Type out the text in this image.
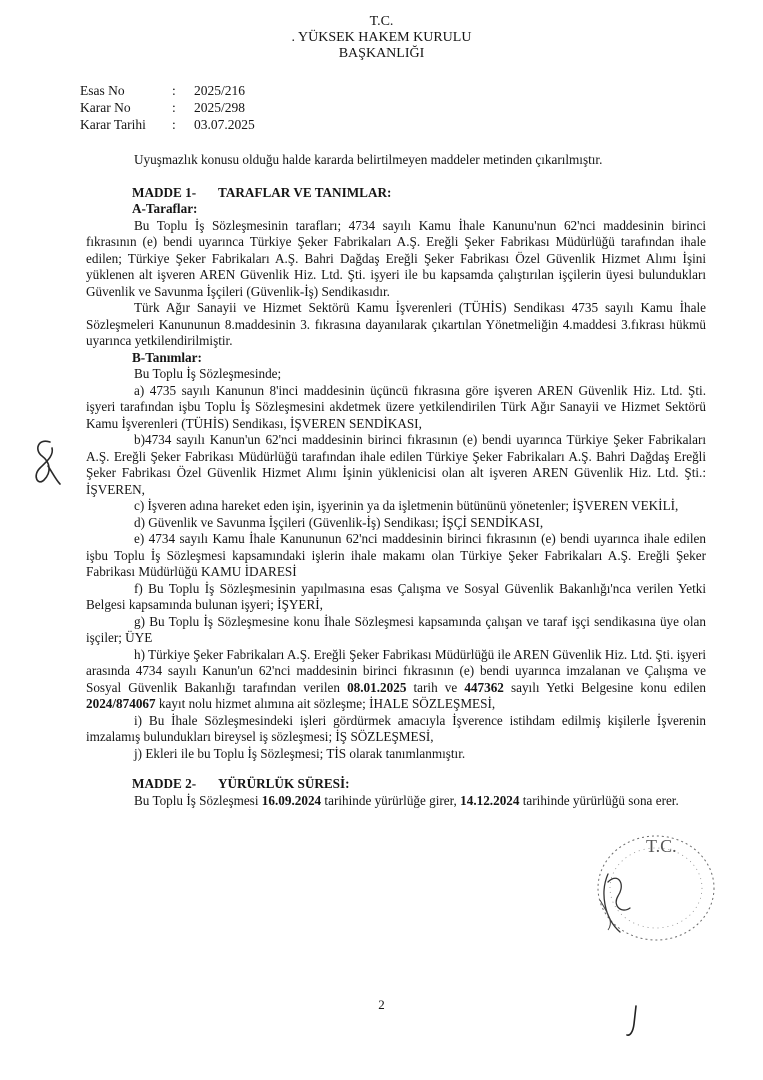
T.C.
. YÜKSEK HAKEM KURULU
BAŞKANLIĞI
Esas No	:	2025/216
Karar No	:	2025/298
Karar Tarihi	:	03.07.2025

Uyuşmazlık konusu olduğu halde kararda belirtilmeyen maddeler metinden çıkarılmıştır.

MADDE 1-	TARAFLAR VE TANIMLAR:
A-Taraflar:

Bu Toplu İş Sözleşmesinin tarafları; 4734 sayılı Kamu İhale Kanunu'nun 62'nci maddesinin birinci fıkrasının (e) bendi uyarınca Türkiye Şeker Fabrikaları A.Ş. Ereğli Şeker Fabrikası Müdürlüğü tarafından ihale edilen; Türkiye Şeker Fabrikaları A.Ş. Bahri Dağdaş Ereğli Şeker Fabrikası Özel Güvenlik Hizmet Alımı İşini yüklenen alt işveren AREN Güvenlik Hiz. Ltd. Şti. işyeri ile bu kapsamda çalıştırılan işçilerin üyesi bulundukları Güvenlik ve Savunma İşçileri (Güvenlik-İş) Sendikasıdır.

Türk Ağır Sanayii ve Hizmet Sektörü Kamu İşverenleri (TÜHİS) Sendikası 4735 sayılı Kamu İhale Sözleşmeleri Kanununun 8.maddesinin 3. fıkrasına dayanılarak çıkartılan Yönetmeliğin 4.maddesi 3.fıkrası hükmü uyarınca yetkilendirilmiştir.

B-Tanımlar:

Bu Toplu İş Sözleşmesinde;

a) 4735 sayılı Kanunun 8'inci maddesinin üçüncü fıkrasına göre işveren AREN Güvenlik Hiz. Ltd. Şti. işyeri tarafından işbu Toplu İş Sözleşmesini akdetmek üzere yetkilendirilen Türk Ağır Sanayii ve Hizmet Sektörü Kamu İşverenleri (TÜHİS) Sendikası, İŞVEREN SENDİKASI,

b)4734 sayılı Kanun'un 62'nci maddesinin birinci fıkrasının (e) bendi uyarınca Türkiye Şeker Fabrikaları A.Ş. Ereğli Şeker Fabrikası Müdürlüğü tarafından ihale edilen Türkiye Şeker Fabrikaları A.Ş. Bahri Dağdaş Ereğli Şeker Fabrikası Özel Güvenlik Hizmet Alımı İşinin yüklenicisi olan alt işveren AREN Güvenlik Hiz. Ltd. Şti.: İŞVEREN,

c) İşveren adına hareket eden işin, işyerinin ya da işletmenin bütününü yönetenler; İŞVEREN VEKİLİ,

d) Güvenlik ve Savunma İşçileri (Güvenlik-İş) Sendikası; İŞÇİ SENDİKASI,

e) 4734 sayılı Kamu İhale Kanununun 62'nci maddesinin birinci fıkrasının (e) bendi uyarınca ihale edilen işbu Toplu İş Sözleşmesi kapsamındaki işlerin ihale makamı olan Türkiye Şeker Fabrikaları A.Ş. Ereğli Şeker Fabrikası Müdürlüğü KAMU İDARESİ

f) Bu Toplu İş Sözleşmesinin yapılmasına esas Çalışma ve Sosyal Güvenlik Bakanlığı'nca verilen Yetki Belgesi kapsamında bulunan işyeri; İŞYERİ,

g) Bu Toplu İş Sözleşmesine konu İhale Sözleşmesi kapsamında çalışan ve taraf işçi sendikasına üye olan işçiler; ÜYE

h) Türkiye Şeker Fabrikaları A.Ş. Ereğli Şeker Fabrikası Müdürlüğü ile AREN Güvenlik Hiz. Ltd. Şti. işyeri arasında 4734 sayılı Kanun'un 62'nci maddesinin birinci fıkrasının (e) bendi uyarınca imzalanan ve Çalışma ve Sosyal Güvenlik Bakanlığı tarafından verilen 08.01.2025 tarih ve 447362 sayılı Yetki Belgesine konu edilen 2024/874067 kayıt nolu hizmet alımına ait sözleşme; İHALE SÖZLEŞMESİ,

i) Bu İhale Sözleşmesindeki işleri gördürmek amacıyla İşverence istihdam edilmiş kişilerle İşverenin imzalamış bulundukları bireysel iş sözleşmesi; İŞ SÖZLEŞMESİ,

j) Ekleri ile bu Toplu İş Sözleşmesi; TİS olarak tanımlanmıştır.

MADDE 2-	YÜRÜRLÜK SÜRESİ:

Bu Toplu İş Sözleşmesi 16.09.2024 tarihinde yürürlüğe girer, 14.12.2024 tarihinde yürürlüğü sona erer.

T.C.
2
